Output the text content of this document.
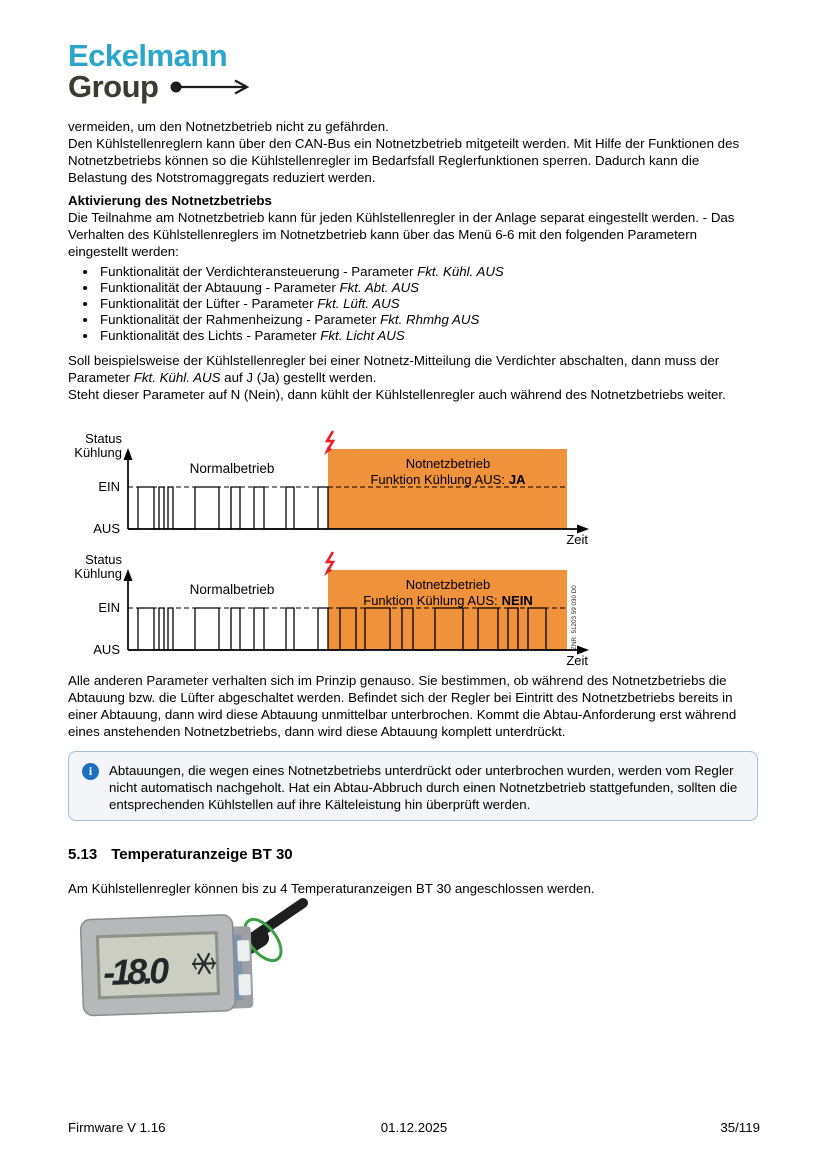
Eckelmann
Group
vermeiden, um den Notnetzbetrieb nicht zu gefährden.
Den Kühlstellenreglern kann über den CAN-Bus ein Notnetzbetrieb mitgeteilt werden. Mit Hilfe der Funktionen des Notnetzbetriebs können so die Kühlstellenregler im Bedarfsfall Reglerfunktionen sperren. Dadurch kann die Belastung des Notstromaggregats reduziert werden.
Aktivierung des Notnetzbetriebs
Die Teilnahme am Notnetzbetrieb kann für jeden Kühlstellenregler in der Anlage separat eingestellt werden. - Das Verhalten des Kühlstellenreglers im Notnetzbetrieb kann über das Menü 6-6 mit den folgenden Parametern eingestellt werden:
• Funktionalität der Verdichteransteuerung - Parameter Fkt. Kühl. AUS
• Funktionalität der Abtauung - Parameter Fkt. Abt. AUS
• Funktionalität der Lüfter - Parameter Fkt. Lüft. AUS
• Funktionalität der Rahmenheizung - Parameter Fkt. Rhmhg AUS
• Funktionalität des Lichts - Parameter Fkt. Licht AUS
Soll beispielsweise der Kühlstellenregler bei einer Notnetz-Mitteilung die Verdichter abschalten, dann muss der Parameter Fkt. Kühl. AUS auf J (Ja) gestellt werden.
Steht dieser Parameter auf N (Nein), dann kühlt der Kühlstellenregler auch während des Notnetzbetriebs weiter.
Status
Kühlung
EIN
AUS
Normalbetrieb	Notnetzbetrieb
Funktion Kühlung AUS: JA
Zeit
Status
Kühlung
EIN
AUS
Normalbetrieb	Notnetzbetrieb
Funktion Kühlung AUS: NEIN	ZNR. 51203 59 030 D0
Zeit
Alle anderen Parameter verhalten sich im Prinzip genauso. Sie bestimmen, ob während des Notnetzbetriebs die Abtauung bzw. die Lüfter abgeschaltet werden. Befindet sich der Regler bei Eintritt des Notnetzbetriebs bereits in einer Abtauung, dann wird diese Abtauung unmittelbar unterbrochen. Kommt die Abtau-Anforderung erst während eines anstehenden Notnetzbetriebs, dann wird diese Abtauung komplett unterdrückt.
i	Abtauungen, die wegen eines Notnetzbetriebs unterdrückt oder unterbrochen wurden, werden vom Regler nicht automatisch nachgeholt. Hat ein Abtau-Abbruch durch einen Notnetzbetrieb stattgefunden, sollten die entsprechenden Kühlstellen auf ihre Kälteleistung hin überprüft werden.
5.13 Temperaturanzeige BT 30
Am Kühlstellenregler können bis zu 4 Temperaturanzeigen BT 30 angeschlossen werden.
-18.0
Firmware V 1.16	01.12.2025	35/119
